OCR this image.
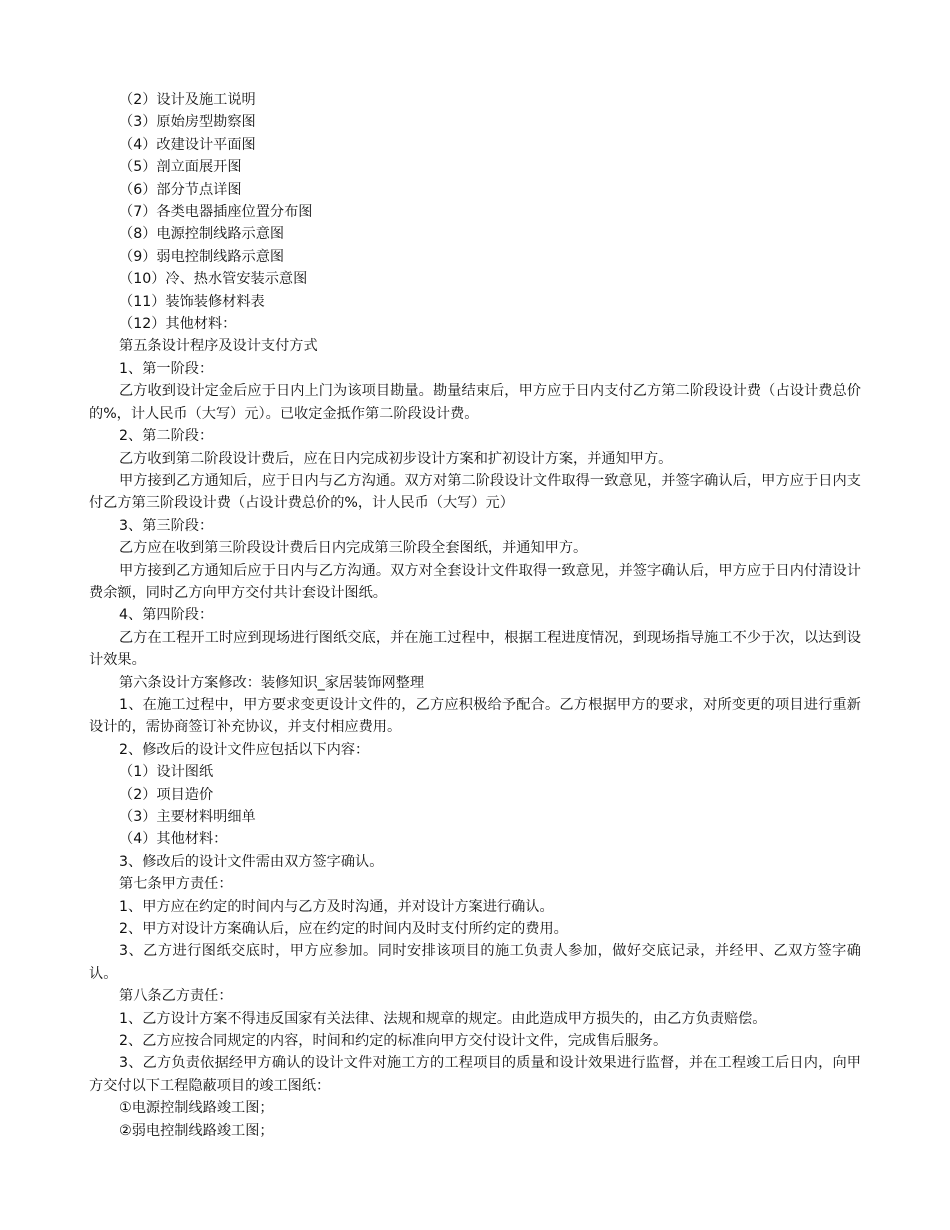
（2）设计及施工说明
（3）原始房型勘察图
（4）改建设计平面图
（5）剖立面展开图
（6）部分节点详图
（7）各类电器插座位置分布图
（8）电源控制线路示意图
（9）弱电控制线路示意图
（10）冷、热水管安装示意图
（11）装饰装修材料表
（12）其他材料：
第五条设计程序及设计支付方式
1、第一阶段：
乙方收到设计定金后应于日内上门为该项目勘量。勘量结束后，甲方应于日内支付乙方第二阶段设计费（占设计费总价的%，计人民币（大写）元）。已收定金抵作第二阶段设计费。
2、第二阶段：
乙方收到第二阶段设计费后，应在日内完成初步设计方案和扩初设计方案，并通知甲方。
甲方接到乙方通知后，应于日内与乙方沟通。双方对第二阶段设计文件取得一致意见，并签字确认后，甲方应于日内支付乙方第三阶段设计费（占设计费总价的%，计人民币（大写）元）
3、第三阶段：
乙方应在收到第三阶段设计费后日内完成第三阶段全套图纸，并通知甲方。
甲方接到乙方通知后应于日内与乙方沟通。双方对全套设计文件取得一致意见，并签字确认后，甲方应于日内付清设计费余额，同时乙方向甲方交付共计套设计图纸。
4、第四阶段：
乙方在工程开工时应到现场进行图纸交底，并在施工过程中，根据工程进度情况，到现场指导施工不少于次，以达到设计效果。
第六条设计方案修改：装修知识_家居装饰网整理
1、在施工过程中，甲方要求变更设计文件的，乙方应积极给予配合。乙方根据甲方的要求，对所变更的项目进行重新设计的，需协商签订补充协议，并支付相应费用。
2、修改后的设计文件应包括以下内容：
（1）设计图纸
（2）项目造价
（3）主要材料明细单
（4）其他材料：
3、修改后的设计文件需由双方签字确认。
第七条甲方责任：
1、甲方应在约定的时间内与乙方及时沟通，并对设计方案进行确认。
2、甲方对设计方案确认后，应在约定的时间内及时支付所约定的费用。
3、乙方进行图纸交底时，甲方应参加。同时安排该项目的施工负责人参加，做好交底记录，并经甲、乙双方签字确认。
第八条乙方责任：
1、乙方设计方案不得违反国家有关法律、法规和规章的规定。由此造成甲方损失的，由乙方负责赔偿。
2、乙方应按合同规定的内容，时间和约定的标准向甲方交付设计文件，完成售后服务。
3、乙方负责依据经甲方确认的设计文件对施工方的工程项目的质量和设计效果进行监督，并在工程竣工后日内，向甲方交付以下工程隐蔽项目的竣工图纸：
①电源控制线路竣工图；
②弱电控制线路竣工图；
